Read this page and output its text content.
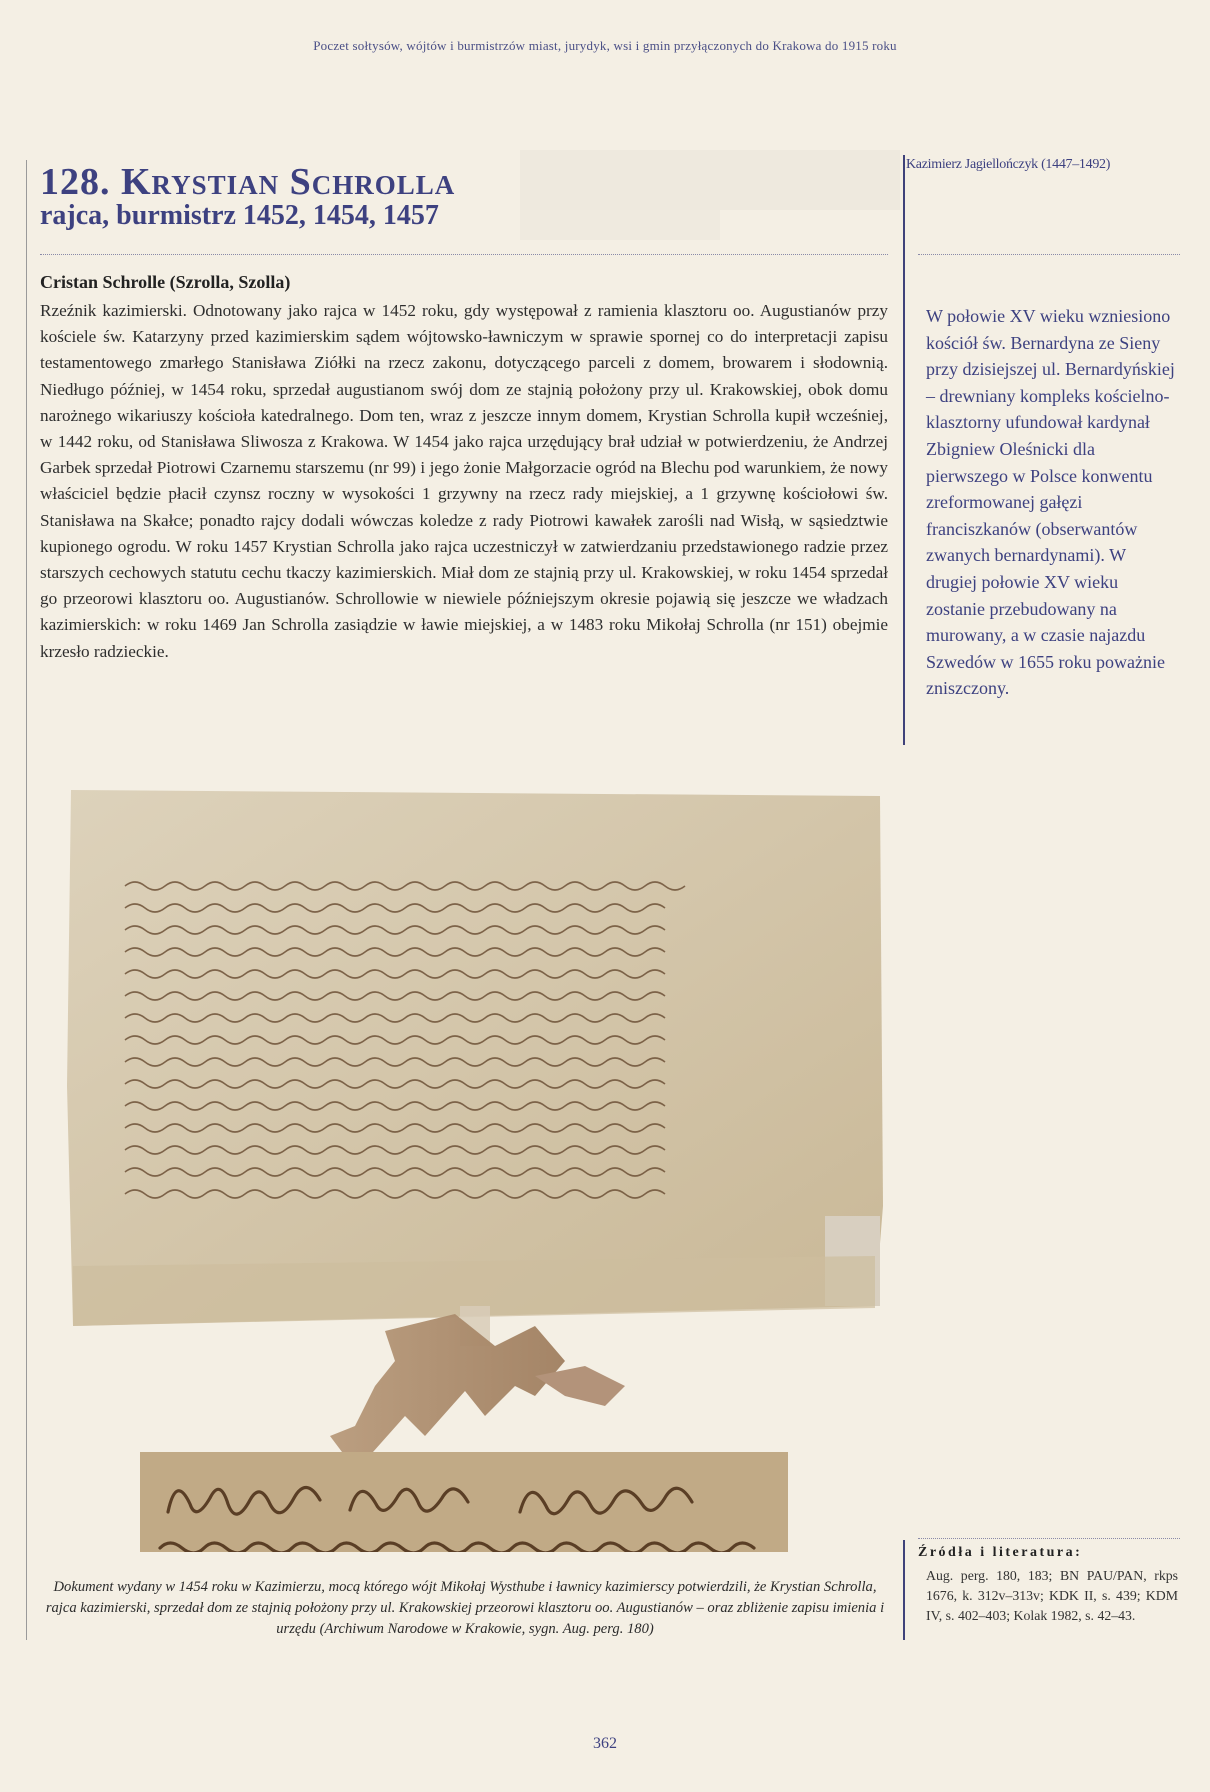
Poczet sołtysów, wójtów i burmistrzów miast, jurydyk, wsi i gmin przyłączonych do Krakowa do 1915 roku
128. Krystian Schrolla
rajca, burmistrz 1452, 1454, 1457

Cristan Schrolle (Szrolla, Szolla)

Rzeźnik kazimierski. Odnotowany jako rajca w 1452 roku, gdy występował z ramienia klasztoru oo. Augustianów przy kościele św. Katarzyny przed kazimierskim sądem wójtowsko-ławniczym w sprawie spornej co do interpretacji zapisu testamentowego zmarłego Stanisława Ziółki na rzecz zakonu, dotyczącego parceli z domem, browarem i słodownią. Niedługo później, w 1454 roku, sprzedał augustianom swój dom ze stajnią położony przy ul. Krakowskiej, obok domu narożnego wikariuszy kościoła katedralnego. Dom ten, wraz z jeszcze innym domem, Krystian Schrolla kupił wcześniej, w 1442 roku, od Stanisława Sliwosza z Krakowa. W 1454 jako rajca urzędujący brał udział w potwierdzeniu, że Andrzej Garbek sprzedał Piotrowi Czarnemu starszemu (nr 99) i jego żonie Małgorzacie ogród na Blechu pod warunkiem, że nowy właściciel będzie płacił czynsz roczny w wysokości 1 grzywny na rzecz rady miejskiej, a 1 grzywnę kościołowi św. Stanisława na Skałce; ponadto rajcy dodali wówczas koledze z rady Piotrowi kawałek zarośli nad Wisłą, w sąsiedztwie kupionego ogrodu. W roku 1457 Krystian Schrolla jako rajca uczestniczył w zatwierdzaniu przedstawionego radzie przez starszych cechowych statutu cechu tkaczy kazimierskich. Miał dom ze stajnią przy ul. Krakowskiej, w roku 1454 sprzedał go przeorowi klasztoru oo. Augustianów. Schrollowie w niewiele późniejszym okresie pojawią się jeszcze we władzach kazimierskich: w roku 1469 Jan Schrolla zasiądzie w ławie miejskiej, a w 1483 roku Mikołaj Schrolla (nr 151) obejmie krzesło radzieckie.

Kazimierz Jagiellończyk (1447–1492)

W połowie XV wieku wzniesiono kościół św. Bernardyna ze Sieny przy dzisiejszej ul. Bernardyńskiej – drewniany kompleks kościelno-klasztorny ufundował kardynał Zbigniew Oleśnicki dla pierwszego w Polsce konwentu zreformowanej gałęzi franciszkanów (obserwantów zwanych bernardynami). W drugiej połowie XV wieku zostanie przebudowany na murowany, a w czasie najazdu Szwedów w 1655 roku poważnie zniszczony.

Dokument wydany w 1454 roku w Kazimierzu, mocą którego wójt Mikołaj Wysthube i ławnicy kazimierscy potwierdzili, że Krystian Schrolla, rajca kazimierski, sprzedał dom ze stajnią położony przy ul. Krakowskiej przeorowi klasztoru oo. Augustianów – oraz zbliżenie zapisu imienia i urzędu (Archiwum Narodowe w Krakowie, sygn. Aug. perg. 180)

Źródła i literatura:

Aug. perg. 180, 183; BN PAU/PAN, rkps 1676, k. 312v–313v; KDK II, s. 439; KDM IV, s. 402–403; Kolak 1982, s. 42–43.

362
